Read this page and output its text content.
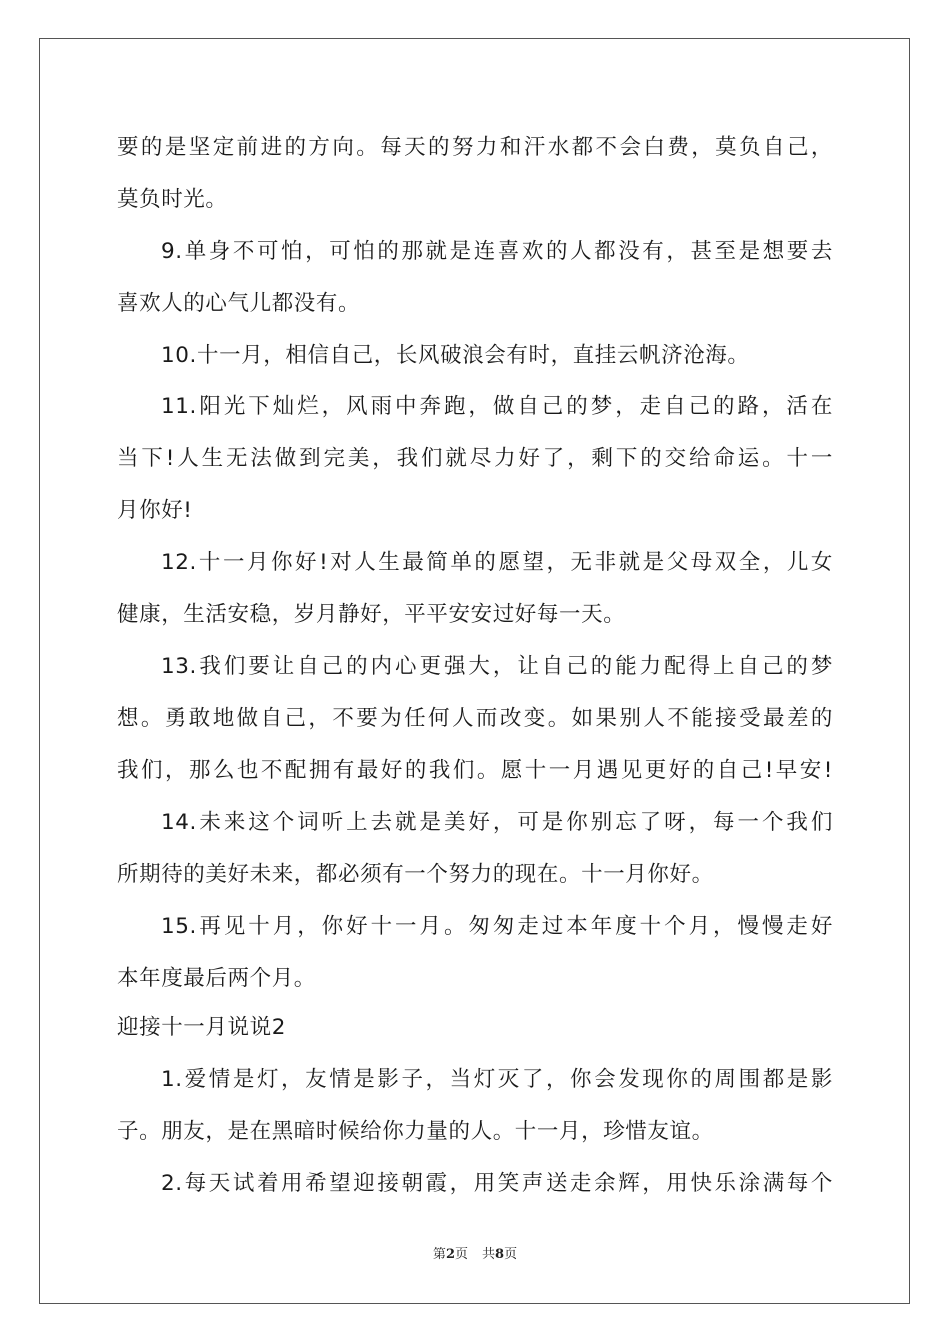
要的是坚定前进的方向。每天的努力和汗水都不会白费，莫负自己，
莫负时光。
9.单身不可怕，可怕的那就是连喜欢的人都没有，甚至是想要去
喜欢人的心气儿都没有。
10.十一月，相信自己，长风破浪会有时，直挂云帆济沧海。
11.阳光下灿烂，风雨中奔跑，做自己的梦，走自己的路，活在
当下!人生无法做到完美，我们就尽力好了，剩下的交给命运。十一
月你好!
12.十一月你好!对人生最简单的愿望，无非就是父母双全，儿女
健康，生活安稳，岁月静好，平平安安过好每一天。
13.我们要让自己的内心更强大，让自己的能力配得上自己的梦
想。勇敢地做自己，不要为任何人而改变。如果别人不能接受最差的
我们，那么也不配拥有最好的我们。愿十一月遇见更好的自己!早安!
14.未来这个词听上去就是美好，可是你别忘了呀，每一个我们
所期待的美好未来，都必须有一个努力的现在。十一月你好。
15.再见十月，你好十一月。匆匆走过本年度十个月，慢慢走好
本年度最后两个月。
迎接十一月说说2
1.爱情是灯，友情是影子，当灯灭了，你会发现你的周围都是影
子。朋友，是在黑暗时候给你力量的人。十一月，珍惜友谊。
2.每天试着用希望迎接朝霞，用笑声送走余辉，用快乐涂满每个
第2页 共8页
